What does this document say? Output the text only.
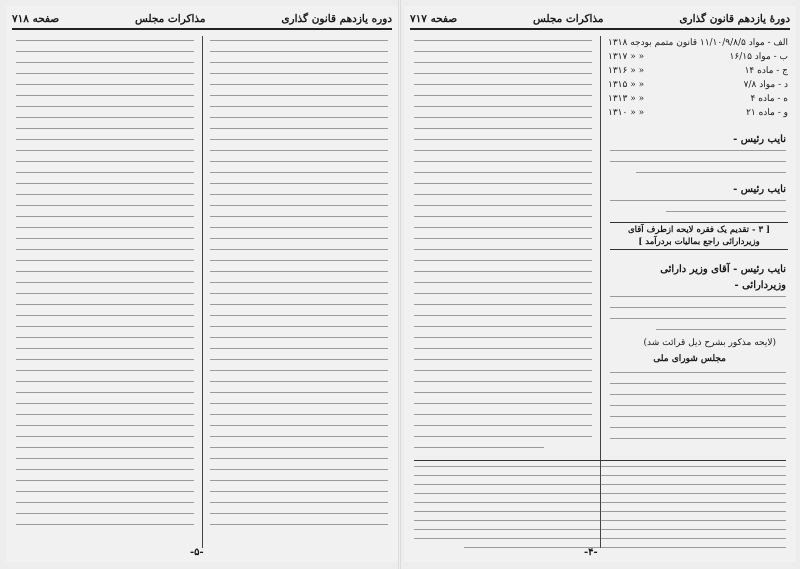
دورهٔ یازدهم قانون گذاری
مذاکرات مجلس
صفحه ۷۱۷
الف - مواد ۱۱/۱۰/۹/۸/۵
قانون متمم بودجه ۱۳۱۸
ب - مواد ۱۶/۱۵
« « ۱۳۱۷
ج - ماده ۱۴
« « ۱۳۱۶
د - مواد ۷/۸
« « ۱۳۱۵
ه - ماده ۴
« « ۱۳۱۳
و - ماده ۲۱
« « ۱۳۱۰
نایب رئیس -
نایب رئیس -
[ ۳ - تقدیم یک فقره لایحه ازطرف آقای وزیردارائی راجع بمالیات بردرآمد ]
نایب رئیس - آقای وزیر دارائی
وزیردارائی -
(لایحه مذکور بشرح ذیل قرائت شد)
مجلس شورای ملی
-۴-
دوره یازدهم قانون گذاری
مذاکرات مجلس
صفحه ۷۱۸
-۵-
